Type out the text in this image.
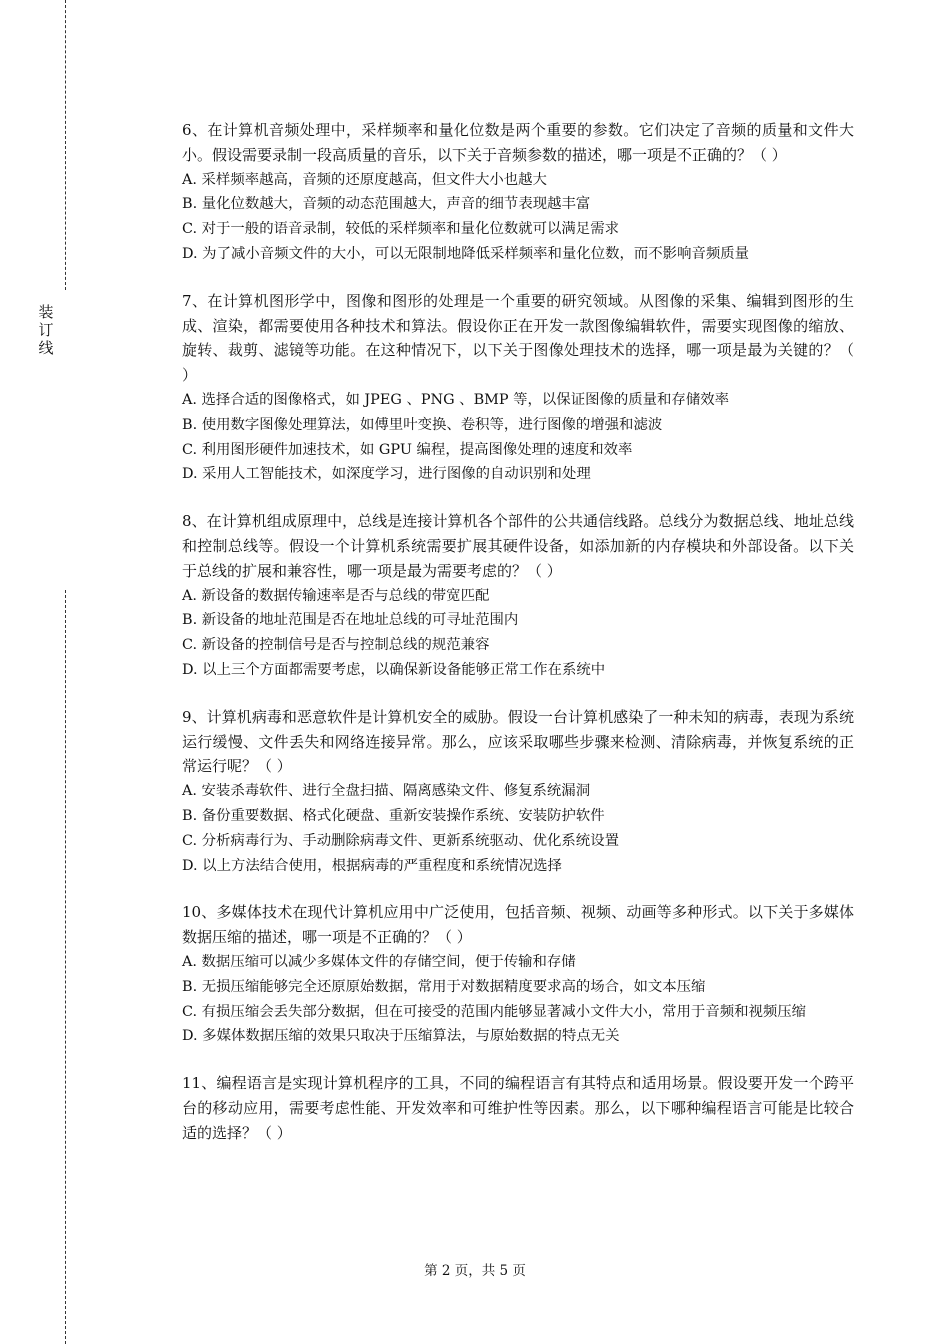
装
订
线

6、在计算机音频处理中，采样频率和量化位数是两个重要的参数。它们决定了音频的质量和文件大小。假设需要录制一段高质量的音乐，以下关于音频参数的描述，哪一项是不正确的？（ ）

A. 采样频率越高，音频的还原度越高，但文件大小也越大

B. 量化位数越大，音频的动态范围越大，声音的细节表现越丰富

C. 对于一般的语音录制，较低的采样频率和量化位数就可以满足需求

D. 为了减小音频文件的大小，可以无限制地降低采样频率和量化位数，而不影响音频质量

7、在计算机图形学中，图像和图形的处理是一个重要的研究领域。从图像的采集、编辑到图形的生成、渲染，都需要使用各种技术和算法。假设你正在开发一款图像编辑软件，需要实现图像的缩放、旋转、裁剪、滤镜等功能。在这种情况下，以下关于图像处理技术的选择，哪一项是最为关键的？（ ）

A. 选择合适的图像格式，如 JPEG 、PNG 、BMP 等，以保证图像的质量和存储效率

B. 使用数字图像处理算法，如傅里叶变换、卷积等，进行图像的增强和滤波

C. 利用图形硬件加速技术，如 GPU 编程，提高图像处理的速度和效率

D. 采用人工智能技术，如深度学习，进行图像的自动识别和处理

8、在计算机组成原理中，总线是连接计算机各个部件的公共通信线路。总线分为数据总线、地址总线和控制总线等。假设一个计算机系统需要扩展其硬件设备，如添加新的内存模块和外部设备。以下关于总线的扩展和兼容性，哪一项是最为需要考虑的？（ ）

A. 新设备的数据传输速率是否与总线的带宽匹配

B. 新设备的地址范围是否在地址总线的可寻址范围内

C. 新设备的控制信号是否与控制总线的规范兼容

D. 以上三个方面都需要考虑，以确保新设备能够正常工作在系统中

9、计算机病毒和恶意软件是计算机安全的威胁。假设一台计算机感染了一种未知的病毒，表现为系统运行缓慢、文件丢失和网络连接异常。那么，应该采取哪些步骤来检测、清除病毒，并恢复系统的正常运行呢？（ ）

A. 安装杀毒软件、进行全盘扫描、隔离感染文件、修复系统漏洞

B. 备份重要数据、格式化硬盘、重新安装操作系统、安装防护软件

C. 分析病毒行为、手动删除病毒文件、更新系统驱动、优化系统设置

D. 以上方法结合使用，根据病毒的严重程度和系统情况选择

10、多媒体技术在现代计算机应用中广泛使用，包括音频、视频、动画等多种形式。以下关于多媒体数据压缩的描述，哪一项是不正确的？（ ）

A. 数据压缩可以减少多媒体文件的存储空间，便于传输和存储

B. 无损压缩能够完全还原原始数据，常用于对数据精度要求高的场合，如文本压缩

C. 有损压缩会丢失部分数据，但在可接受的范围内能够显著减小文件大小，常用于音频和视频压缩

D. 多媒体数据压缩的效果只取决于压缩算法，与原始数据的特点无关

11、编程语言是实现计算机程序的工具，不同的编程语言有其特点和适用场景。假设要开发一个跨平台的移动应用，需要考虑性能、开发效率和可维护性等因素。那么，以下哪种编程语言可能是比较合适的选择？（ ）

第 2 页，共 5 页
